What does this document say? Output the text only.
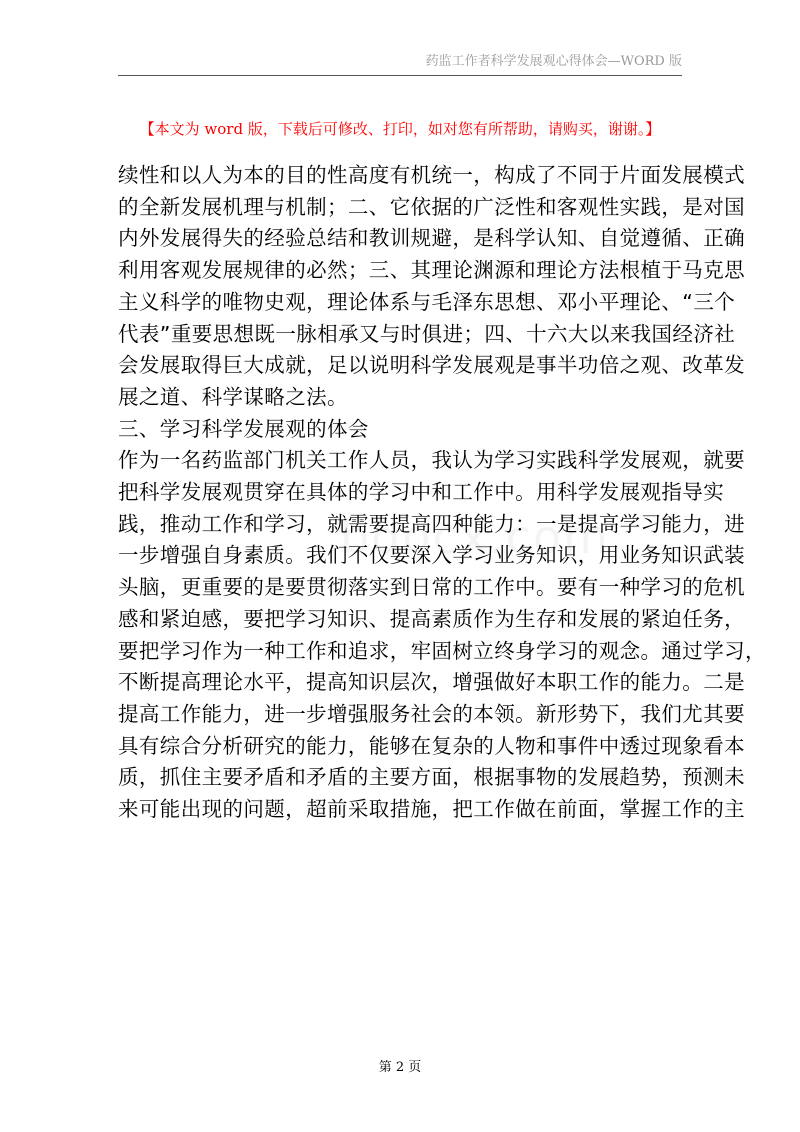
药监工作者科学发展观心得体会—WORD 版
【本文为 word 版，下载后可修改、打印，如对您有所帮助，请购买，谢谢。】
续性和以人为本的目的性高度有机统一，构成了不同于片面发展模式
的全新发展机理与机制；二、它依据的广泛性和客观性实践，是对国
内外发展得失的经验总结和教训规避，是科学认知、自觉遵循、正确
利用客观发展规律的必然；三、其理论渊源和理论方法根植于马克思
主义科学的唯物史观，理论体系与毛泽东思想、邓小平理论、“三个
代表”重要思想既一脉相承又与时俱进；四、十六大以来我国经济社
会发展取得巨大成就，足以说明科学发展观是事半功倍之观、改革发
展之道、科学谋略之法。
三、学习科学发展观的体会
作为一名药监部门机关工作人员，我认为学习实践科学发展观，就要
把科学发展观贯穿在具体的学习中和工作中。用科学发展观指导实
践，推动工作和学习，就需要提高四种能力：一是提高学习能力，进
一步增强自身素质。我们不仅要深入学习业务知识，用业务知识武装
头脑，更重要的是要贯彻落实到日常的工作中。要有一种学习的危机
感和紧迫感，要把学习知识、提高素质作为生存和发展的紧迫任务，
要把学习作为一种工作和追求，牢固树立终身学习的观念。通过学习，
不断提高理论水平，提高知识层次，增强做好本职工作的能力。二是
提高工作能力，进一步增强服务社会的本领。新形势下，我们尤其要
具有综合分析研究的能力，能够在复杂的人物和事件中透过现象看本
质，抓住主要矛盾和矛盾的主要方面，根据事物的发展趋势，预测未
来可能出现的问题，超前采取措施，把工作做在前面，掌握工作的主
第 2 页
